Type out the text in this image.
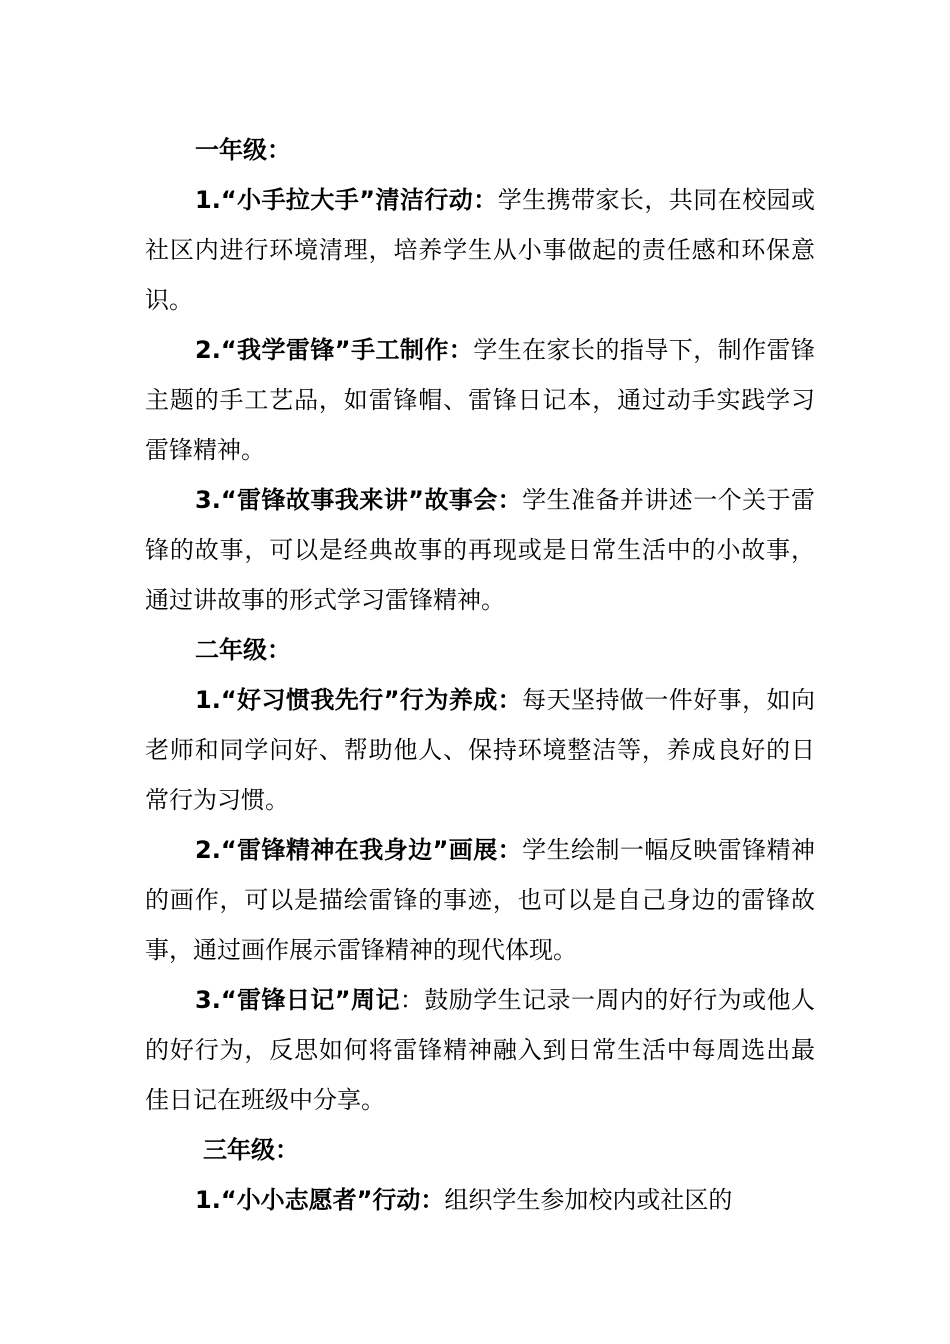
一年级：

1.“小手拉大手”清洁行动：学生携带家长，共同在校园或社区内进行环境清理，培养学生从小事做起的责任感和环保意识。

2.“我学雷锋”手工制作：学生在家长的指导下，制作雷锋主题的手工艺品，如雷锋帽、雷锋日记本，通过动手实践学习雷锋精神。

3.“雷锋故事我来讲”故事会：学生准备并讲述一个关于雷锋的故事，可以是经典故事的再现或是日常生活中的小故事，通过讲故事的形式学习雷锋精神。

二年级：

1.“好习惯我先行”行为养成：每天坚持做一件好事，如向老师和同学问好、帮助他人、保持环境整洁等，养成良好的日常行为习惯。

2.“雷锋精神在我身边”画展：学生绘制一幅反映雷锋精神的画作，可以是描绘雷锋的事迹，也可以是自己身边的雷锋故事，通过画作展示雷锋精神的现代体现。

3.“雷锋日记”周记：鼓励学生记录一周内的好行为或他人的好行为，反思如何将雷锋精神融入到日常生活中每周选出最佳日记在班级中分享。

三年级：

1.“小小志愿者”行动：组织学生参加校内或社区的
